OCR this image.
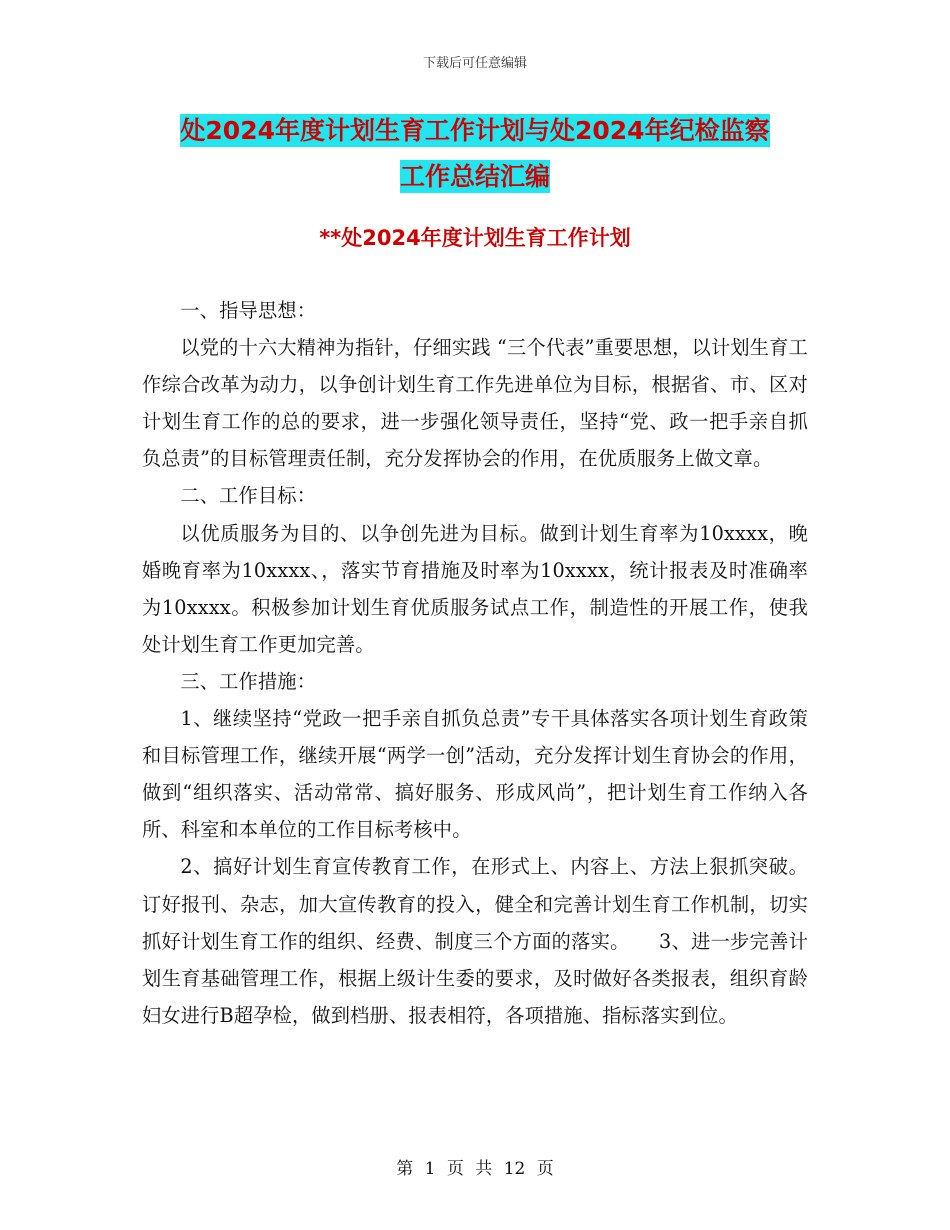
下载后可任意编辑
处2024年度计划生育工作计划与处2024年纪检监察
工作总结汇编
**处2024年度计划生育工作计划

一、指导思想：

以党的十六大精神为指针，仔细实践 “三个代表”重要思想，以计划生育工作综合改革为动力，以争创计划生育工作先进单位为目标，根据省、市、区对计划生育工作的总的要求，进一步强化领导责任，坚持“党、政一把手亲自抓负总责”的目标管理责任制，充分发挥协会的作用，在优质服务上做文章。

二、工作目标：

以优质服务为目的、以争创先进为目标。做到计划生育率为10xxxx，晚婚晚育率为10xxxx、，落实节育措施及时率为10xxxx，统计报表及时准确率为10xxxx。积极参加计划生育优质服务试点工作，制造性的开展工作，使我处计划生育工作更加完善。

三、工作措施：

1、继续坚持“党政一把手亲自抓负总责”专干具体落实各项计划生育政策和目标管理工作，继续开展“两学一创”活动，充分发挥计划生育协会的作用，做到“组织落实、活动常常、搞好服务、形成风尚”，把计划生育工作纳入各所、科室和本单位的工作目标考核中。

2、搞好计划生育宣传教育工作，在形式上、内容上、方法上狠抓突破。订好报刊、杂志，加大宣传教育的投入，健全和完善计划生育工作机制，切实抓好计划生育工作的组织、经费、制度三个方面的落实。　　3、进一步完善计划生育基础管理工作，根据上级计生委的要求，及时做好各类报表，组织育龄妇女进行B超孕检，做到档册、报表相符，各项措施、指标落实到位。

第 1 页 共 12 页
